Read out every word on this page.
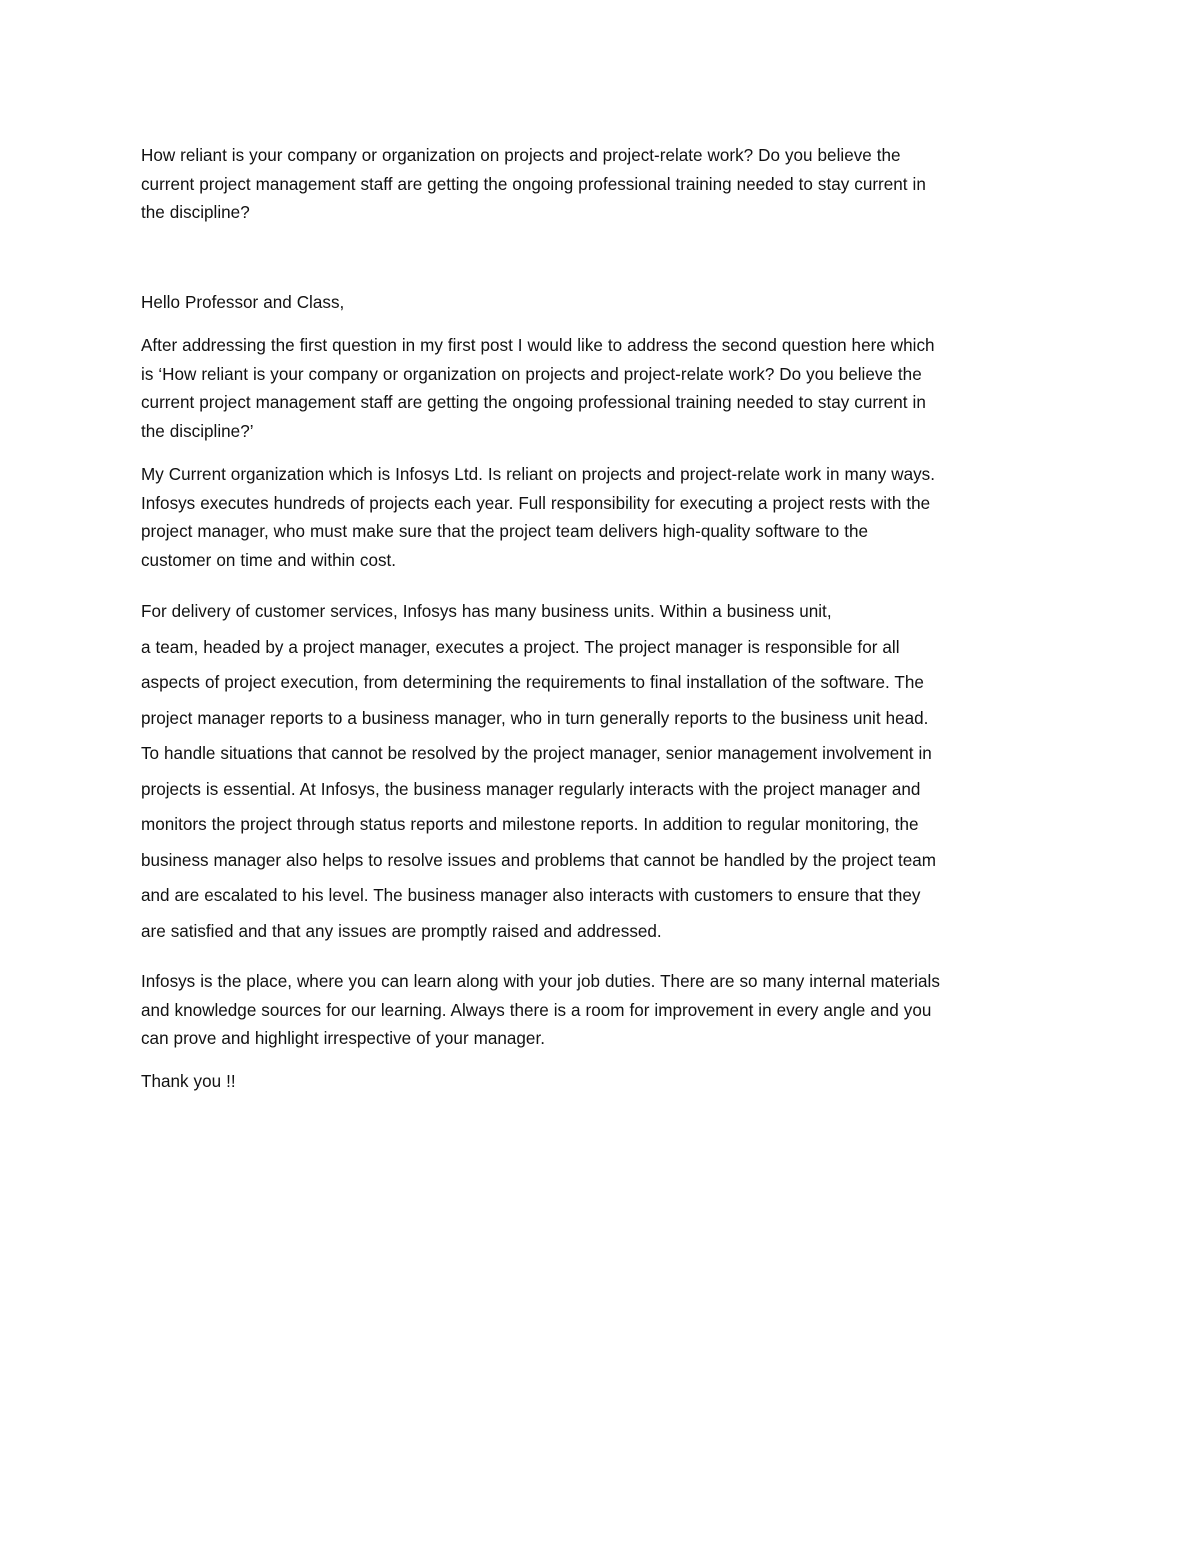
How reliant is your company or organization on projects and project-relate work? Do you believe the
current project management staff are getting the ongoing professional training needed to stay current in
the discipline?

Hello Professor and Class,

After addressing the first question in my first post I would like to address the second question here which
is ‘How reliant is your company or organization on projects and project-relate work? Do you believe the
current project management staff are getting the ongoing professional training needed to stay current in
the discipline?’

My Current organization which is Infosys Ltd. Is reliant on projects and project-relate work in many ways.
Infosys executes hundreds of projects each year. Full responsibility for executing a project rests with the
project manager, who must make sure that the project team delivers high-quality software to the
customer on time and within cost.

For delivery of customer services, Infosys has many business units. Within a business unit,
a team, headed by a project manager, executes a project. The project manager is responsible for all
aspects of project execution, from determining the requirements to final installation of the software. The
project manager reports to a business manager, who in turn generally reports to the business unit head.
To handle situations that cannot be resolved by the project manager, senior management involvement in
projects is essential. At Infosys, the business manager regularly interacts with the project manager and
monitors the project through status reports and milestone reports. In addition to regular monitoring, the
business manager also helps to resolve issues and problems that cannot be handled by the project team
and are escalated to his level. The business manager also interacts with customers to ensure that they
are satisfied and that any issues are promptly raised and addressed.

Infosys is the place, where you can learn along with your job duties. There are so many internal materials
and knowledge sources for our learning. Always there is a room for improvement in every angle and you
can prove and highlight irrespective of your manager.

Thank you !!
